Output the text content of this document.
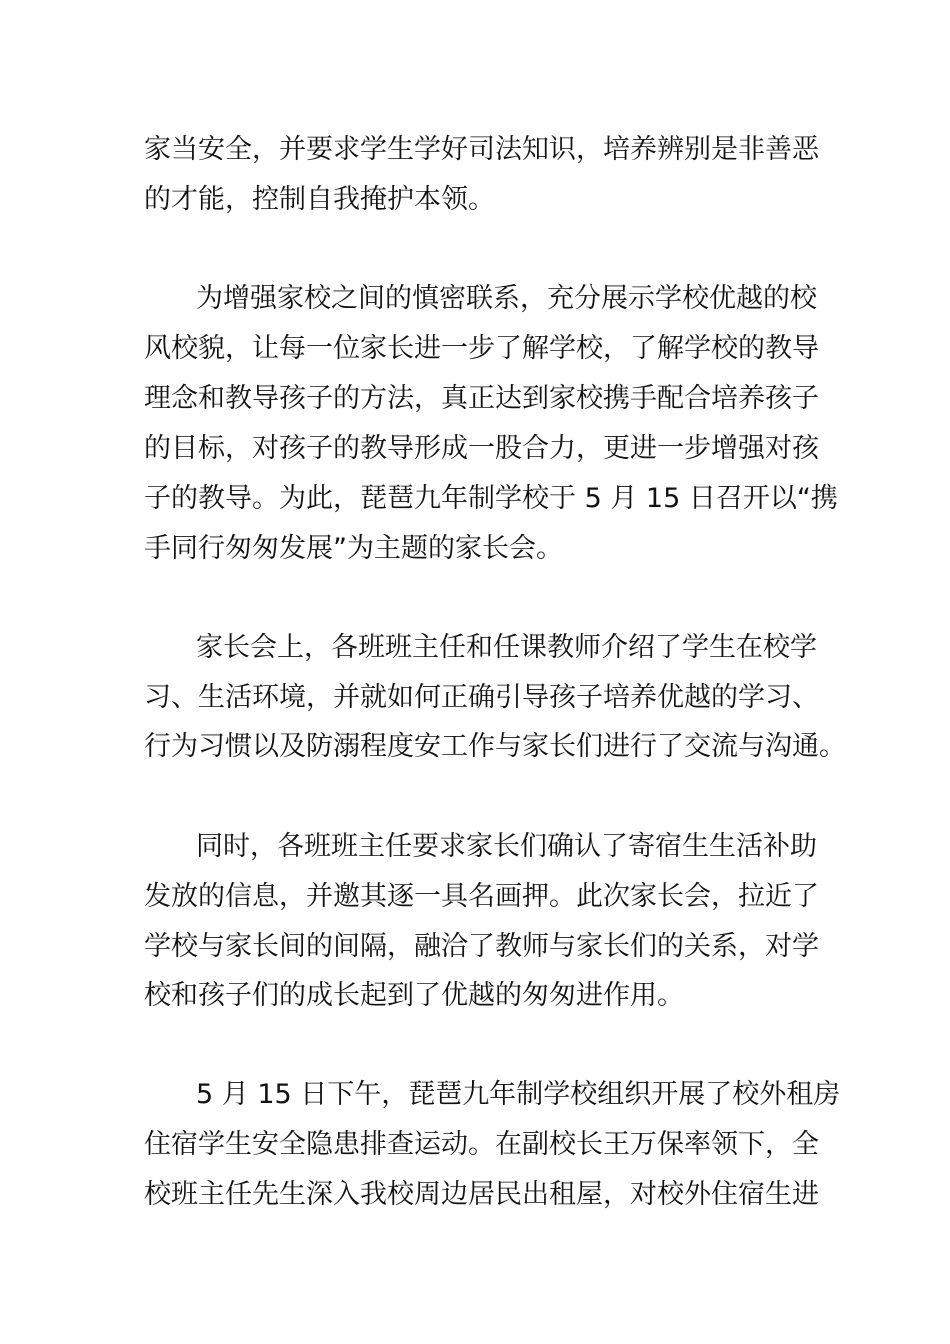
家当安全，并要求学生学好司法知识，培养辨别是非善恶
的才能，控制自我掩护本领。
为增强家校之间的慎密联系，充分展示学校优越的校
风校貌，让每一位家长进一步了解学校，了解学校的教导
理念和教导孩子的方法，真正达到家校携手配合培养孩子
的目标，对孩子的教导形成一股合力，更进一步增强对孩
子的教导。为此，琵琶九年制学校于 5 月 15 日召开以“携
手同行匆匆发展”为主题的家长会。
家长会上，各班班主任和任课教师介绍了学生在校学
习、生活环境，并就如何正确引导孩子培养优越的学习、
行为习惯以及防溺程度安工作与家长们进行了交流与沟通。
同时，各班班主任要求家长们确认了寄宿生生活补助
发放的信息，并邀其逐一具名画押。此次家长会，拉近了
学校与家长间的间隔，融洽了教师与家长们的关系，对学
校和孩子们的成长起到了优越的匆匆进作用。
5 月 15 日下午，琵琶九年制学校组织开展了校外租房
住宿学生安全隐患排查运动。在副校长王万保率领下，全
校班主任先生深入我校周边居民出租屋，对校外住宿生进
